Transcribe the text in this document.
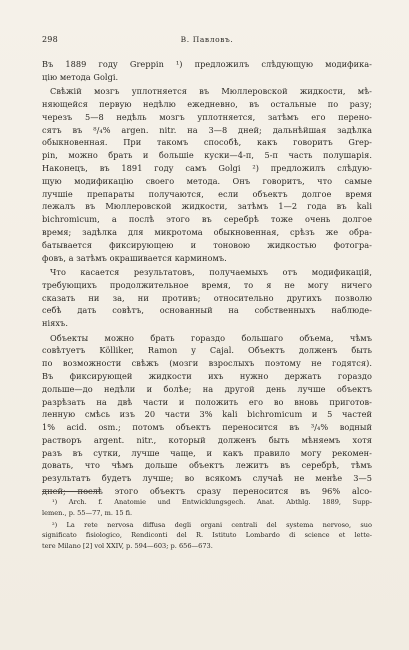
298	В. Павловъ.
Въ 1889 году Greppin ¹) предложилъ слѣдующую модифика-
цію метода Golgi.
Свѣжій мозгъ уплотняется въ Мюллеровской жидкости, мѣ-
няющейся первую недѣлю ежедневно, въ остальные по разу;
черезъ 5—8 недѣль мозгъ уплотняется, затѣмъ его перено-
сятъ въ ⁸/₄% argen. nitr. на 3—8 дней; дальнѣйшая задѣлка
обыкновенная. При такомъ способѣ, какъ говоритъ Grep-
pin, можно брать и большіе куски—4-п, 5-п часть полушарія.
Наконецъ, въ 1891 году самъ Golgi ²) предложилъ слѣдую-
щую модификацію своего метода. Онъ говоритъ, что самые
лучшіе препараты получаются, если объектъ долгое время
лежалъ въ Мюллеровской жидкости, затѣмъ 1—2 года въ kali
bichromicum, а послѣ этого въ серебрѣ тоже очень долгое
время; задѣлка для микротома обыкновенная, срѣзъ же обра-
батывается фиксирующею и тоновою жидкостью фотогра-
фовъ, а затѣмъ окрашивается карминомъ.
Что касается результатовъ, получаемыхъ отъ модификацій,
требующихъ продолжительное время, то я не могу ничего
сказать ни за, ни противъ; относительно другихъ позволю
себѣ дать совѣтъ, основанный на собственныхъ наблюде-
ніяхъ.
Объекты можно брать гораздо большаго объема, чѣмъ
совѣтуетъ Kölliker, Ramon y Cajal. Объектъ долженъ быть
по возможности свѣжъ (мозги взрослыхъ поэтому не годятся).
Въ фиксирующей жидкости ихъ нужно держать гораздо
дольше—до недѣли и болѣе; на другой день лучше объектъ
разрѣзать на двѣ части и положить его во вновь приготов-
ленную смѣсь изъ 20 части 3% kali bichromicum и 5 частей
1% acid. osm.; потомъ объектъ переносится въ ³/₄% водный
растворъ argent. nitr., который долженъ быть мѣняемъ хотя
разъ въ сутки, лучше чаще, и какъ правило могу рекомен-
довать, что чѣмъ дольше объектъ лежитъ въ серебрѣ, тѣмъ
результатъ будетъ лучше; во всякомъ случаѣ не менѣе 3—5
дней; послѣ этого объектъ сразу переносится въ 96% alco-
¹) Arch. f. Anatomie und Entwicklungsgech. Anat. Abthlg. 1889, Supp-
lemen., p. 55—77, m. 15 fi.
²) La rete nervosa diffusa degli organi centrali del systema nervoso, suo
significato fisiologico, Rendiconti del R. Istituto Lombardo di science et lette-
tere Milano [2] vol XXIV, p. 594—603; p. 656—673.
